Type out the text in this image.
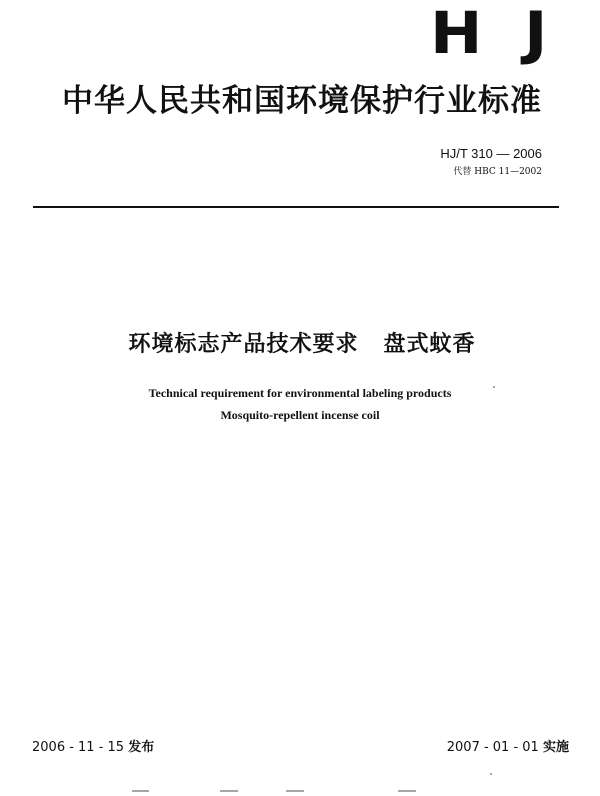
H J
中华人民共和国环境保护行业标准
HJ/T 310 — 2006
代替 HBC 11—2002
环境标志产品技术要求 盘式蚊香
Technical requirement for environmental labeling products
Mosquito-repellent incense coil
2006 - 11 - 15 发布	2007 - 01 - 01 实施
